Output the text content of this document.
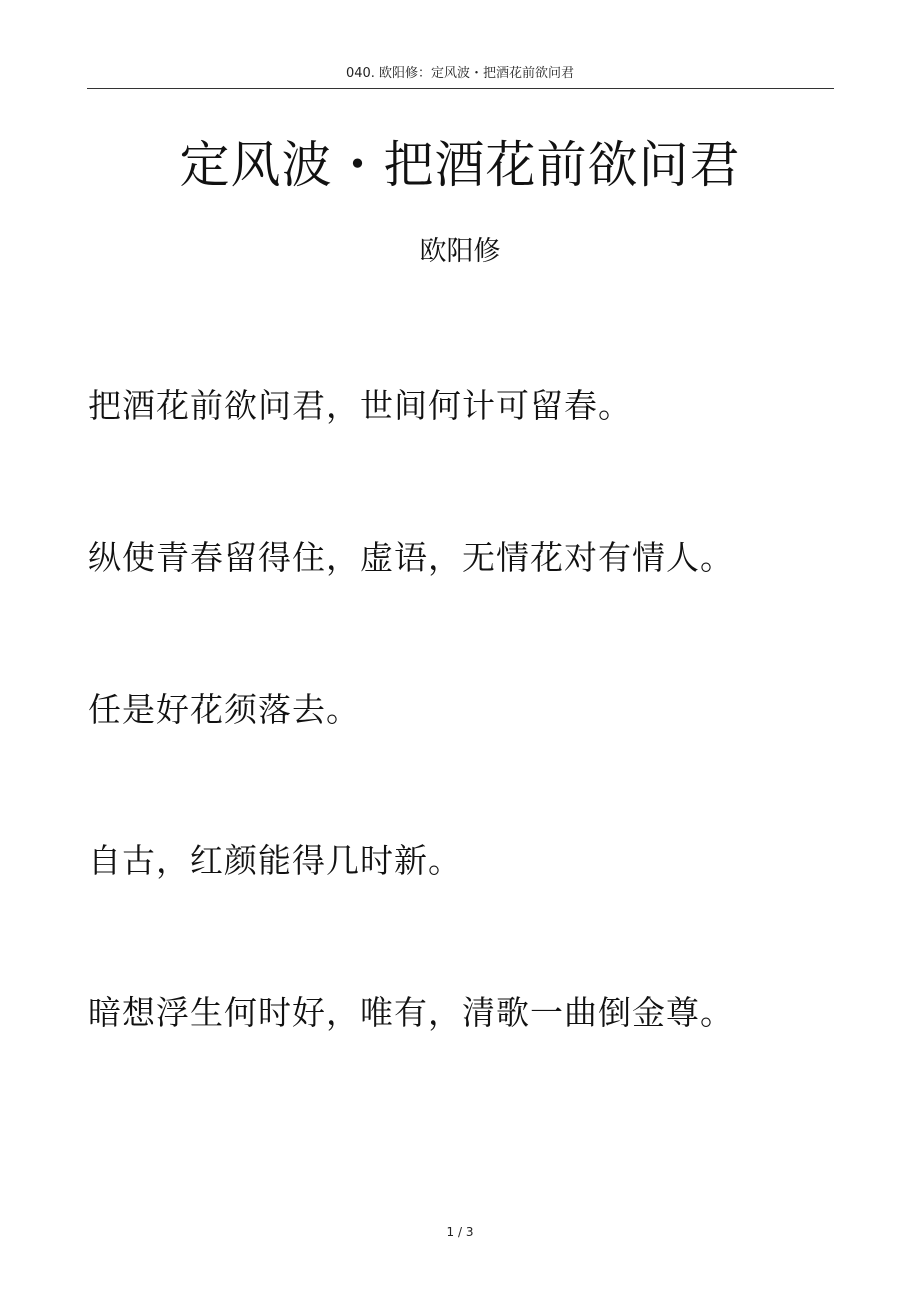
040. 欧阳修：定风波・把酒花前欲问君
定风波・把酒花前欲问君
欧阳修
把酒花前欲问君，世间何计可留春。
纵使青春留得住，虚语，无情花对有情人。
任是好花须落去。
自古，红颜能得几时新。
暗想浮生何时好，唯有，清歌一曲倒金尊。
1 / 3
